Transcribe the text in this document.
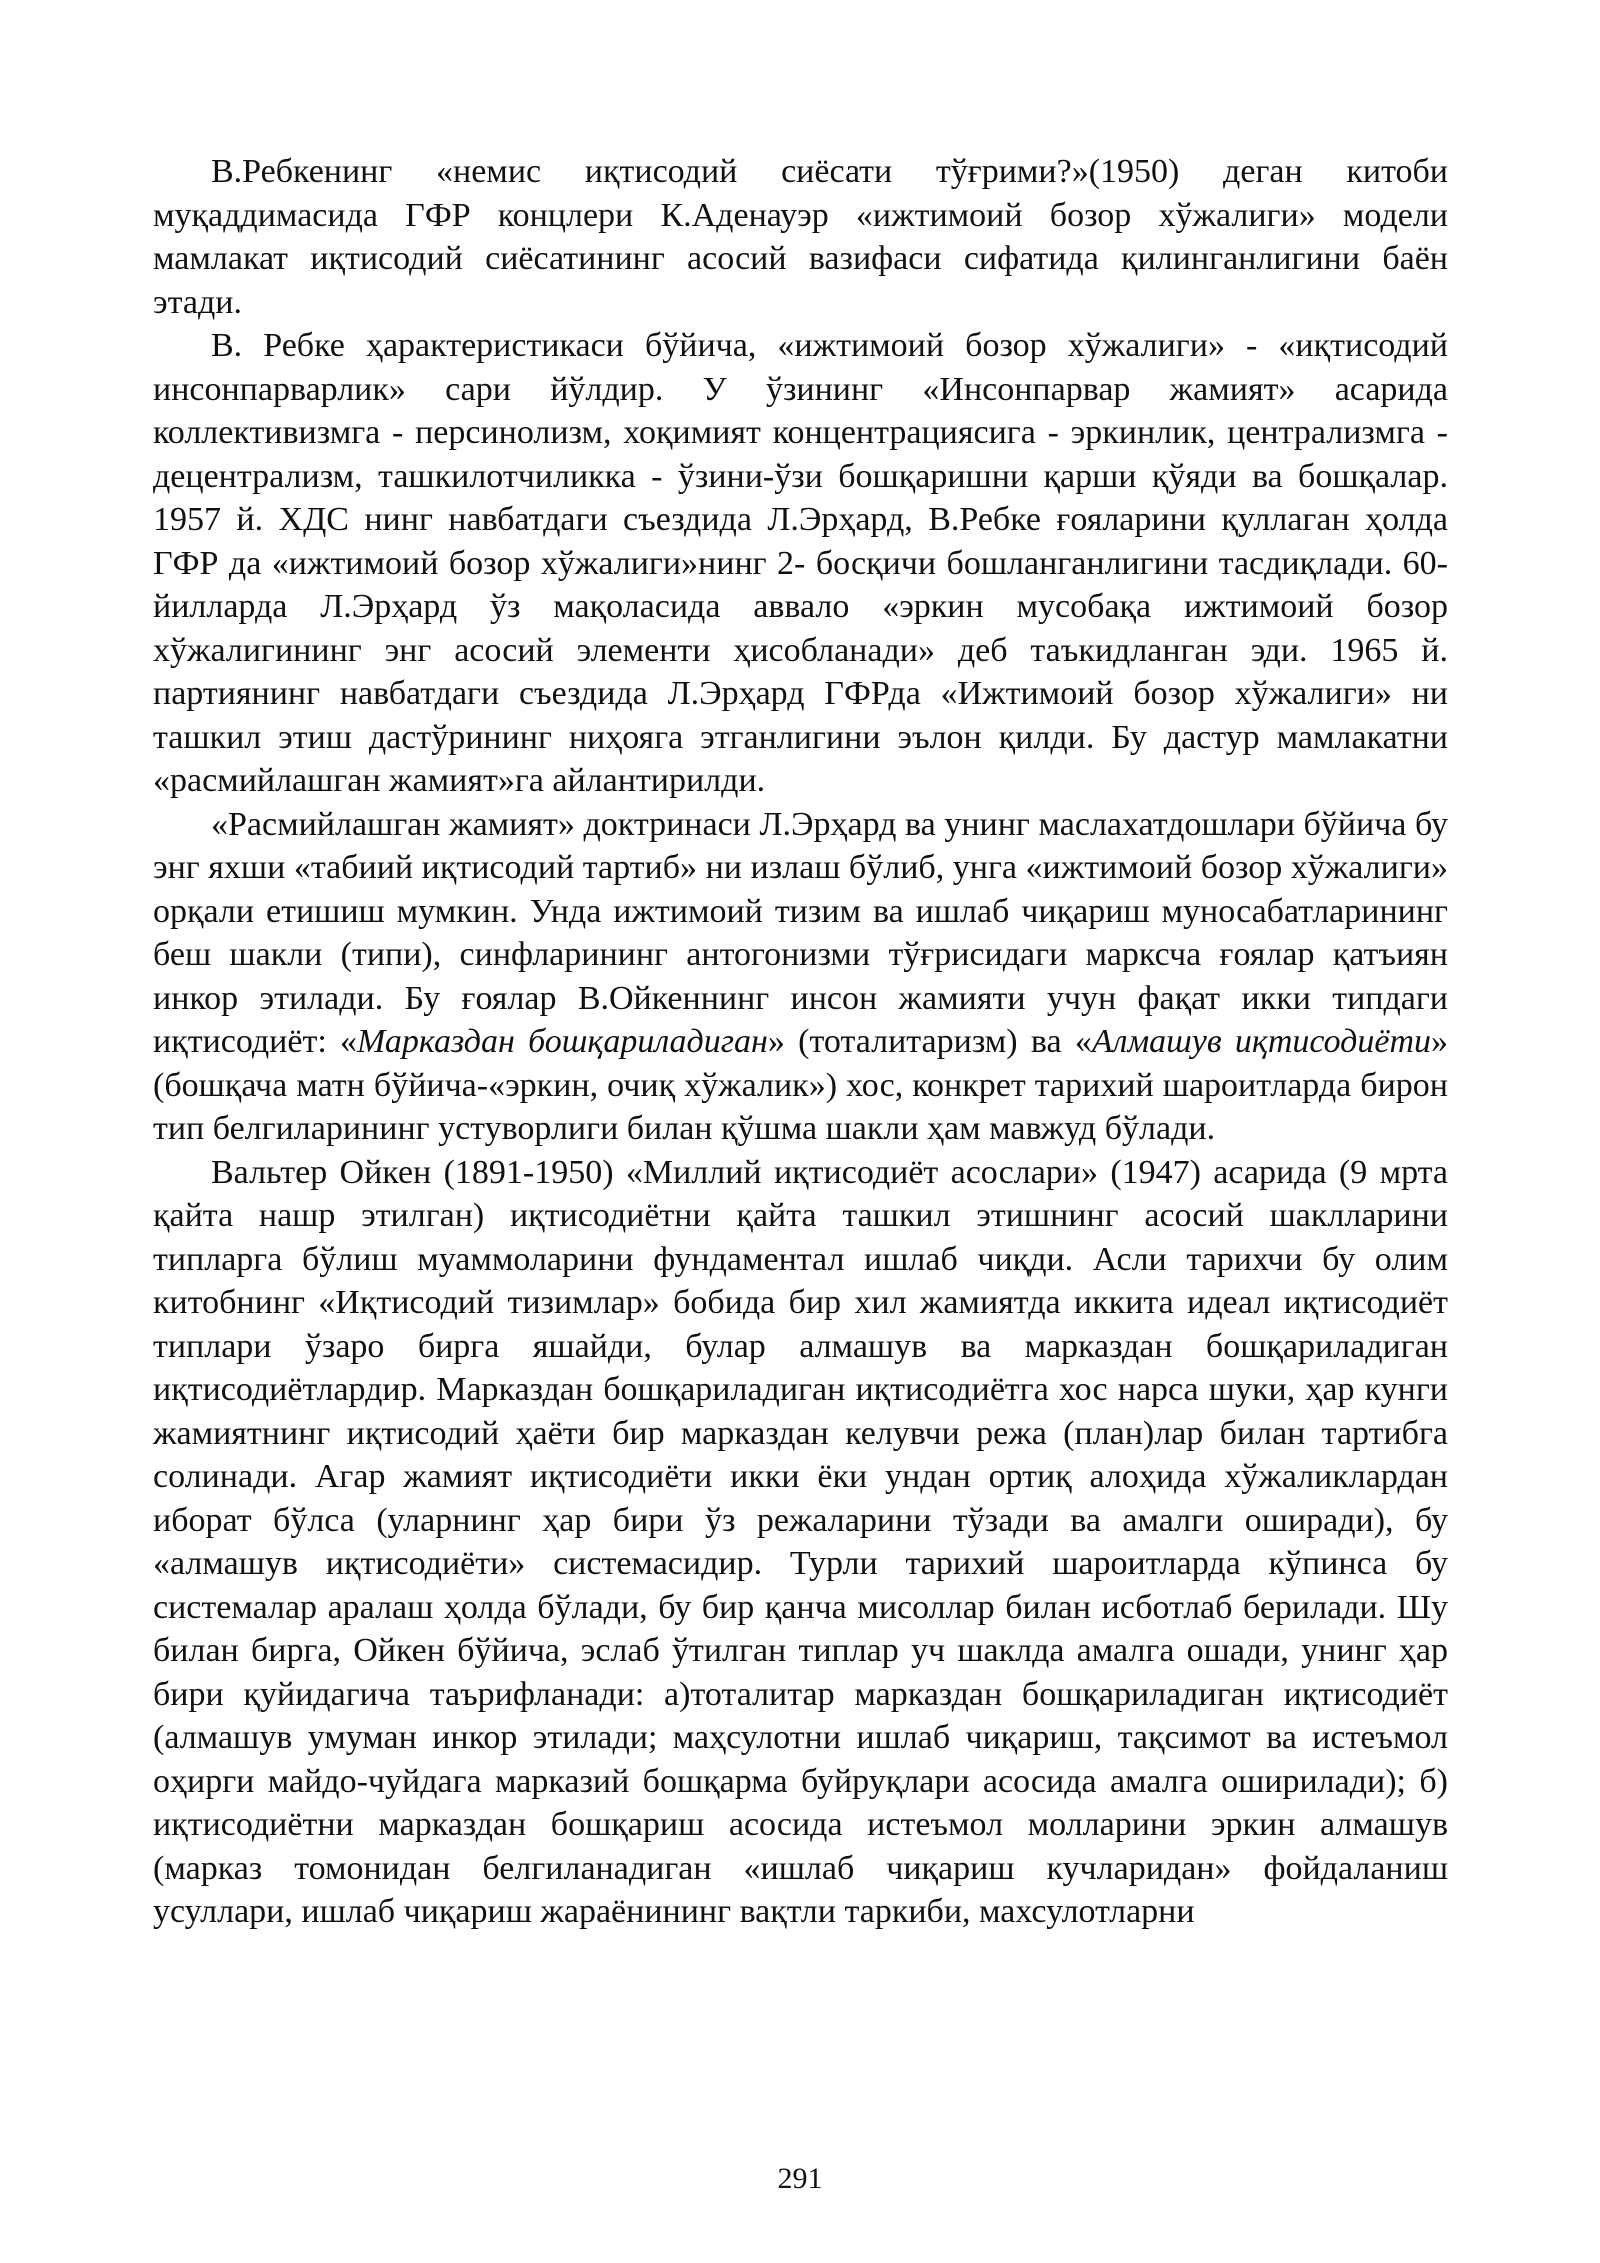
В.Ребкенинг «немис иқтисодий сиёсати тўғрими?»(1950) деган китоби муқаддимасида ГФР концлери К.Аденауэр «ижтимоий бозор хўжалиги» модели мамлакат иқтисодий сиёсатининг асосий вазифаси сифатида қилинганлигини баён этади.

В. Ребке ҳарактеристикаси бўйича, «ижтимоий бозор хўжалиги» - «иқтисодий инсонпарварлик» сари йўлдир. У ўзининг «Инсонпарвар жамият» асарида коллективизмга - персинолизм, хоқимият концентрациясига - эркинлик, централизмга - децентрализм, ташкилотчиликка - ўзини-ўзи бошқаришни қарши қўяди ва бошқалар. 1957 й. ХДС нинг навбатдаги съездида Л.Эрҳард, В.Ребке ғояларини қуллаган ҳолда ГФР да «ижтимоий бозор хўжалиги»нинг 2- босқичи бошланганлигини тасдиқлади. 60-йилларда Л.Эрҳард ўз мақоласида аввало «эркин мусобақа ижтимоий бозор хўжалигининг энг асосий элементи ҳисобланади» деб таъкидланган эди. 1965 й. партиянинг навбатдаги съездида Л.Эрҳард ГФРда «Ижтимоий бозор хўжалиги» ни ташкил этиш дастўрининг ниҳояга этганлигини эълон қилди. Бу дастур мамлакатни «расмийлашган жамият»га айлантирилди.

«Расмийлашган жамият» доктринаси Л.Эрҳард ва унинг маслахатдошлари бўйича бу энг яхши «табиий иқтисодий тартиб» ни излаш бўлиб, унга «ижтимоий бозор хўжалиги» орқали етишиш мумкин. Унда ижтимоий тизим ва ишлаб чиқариш муносабатларининг беш шакли (типи), синфларининг антогонизми тўғрисидаги марксча ғоялар қатъиян инкор этилади. Бу ғоялар В.Ойкеннинг инсон жамияти учун фақат икки типдаги иқтисодиёт: «Марказдан бошқариладиган» (тоталитаризм) ва «Алмашув иқтисодиёти» (бошқача матн бўйича-«эркин, очиқ хўжалик») хос, конкрет тарихий шароитларда бирон тип белгиларининг устуворлиги билан қўшма шакли ҳам мавжуд бўлади.

Вальтер Ойкен (1891-1950) «Миллий иқтисодиёт асослари» (1947) асарида (9 мрта қайта нашр этилган) иқтисодиётни қайта ташкил этишнинг асосий шаклларини типларга бўлиш муаммоларини фундаментал ишлаб чиқди. Асли тарихчи бу олим китобнинг «Иқтисодий тизимлар» бобида бир хил жамиятда иккита идеал иқтисодиёт типлари ўзаро бирга яшайди, булар алмашув ва марказдан бошқариладиган иқтисодиётлардир. Марказдан бошқариладиган иқтисодиётга хос нарса шуки, ҳар кунги жамиятнинг иқтисодий ҳаёти бир марказдан келувчи режа (план)лар билан тартибга солинади. Агар жамият иқтисодиёти икки ёки ундан ортиқ алоҳида хўжаликлардан иборат бўлса (уларнинг ҳар бири ўз режаларини тўзади ва амалги оширади), бу «алмашув иқтисодиёти» системасидир. Турли тарихий шароитларда кўпинса бу системалар аралаш ҳолда бўлади, бу бир қанча мисоллар билан исботлаб берилади. Шу билан бирга, Ойкен бўйича, эслаб ўтилган типлар уч шаклда амалга ошади, унинг ҳар бири қуйидагича таърифланади: а)тоталитар марказдан бошқариладиган иқтисодиёт (алмашув умуман инкор этилади; маҳсулотни ишлаб чиқариш, тақсимот ва истеъмол оҳирги майдо-чуйдага марказий бошқарма буйруқлари асосида амалга оширилади); б) иқтисодиётни марказдан бошқариш асосида истеъмол молларини эркин алмашув (марказ томонидан белгиланадиган «ишлаб чиқариш кучларидан» фойдаланиш усуллари, ишлаб чиқариш жараёнининг вақтли таркиби, махсулотларни

291
